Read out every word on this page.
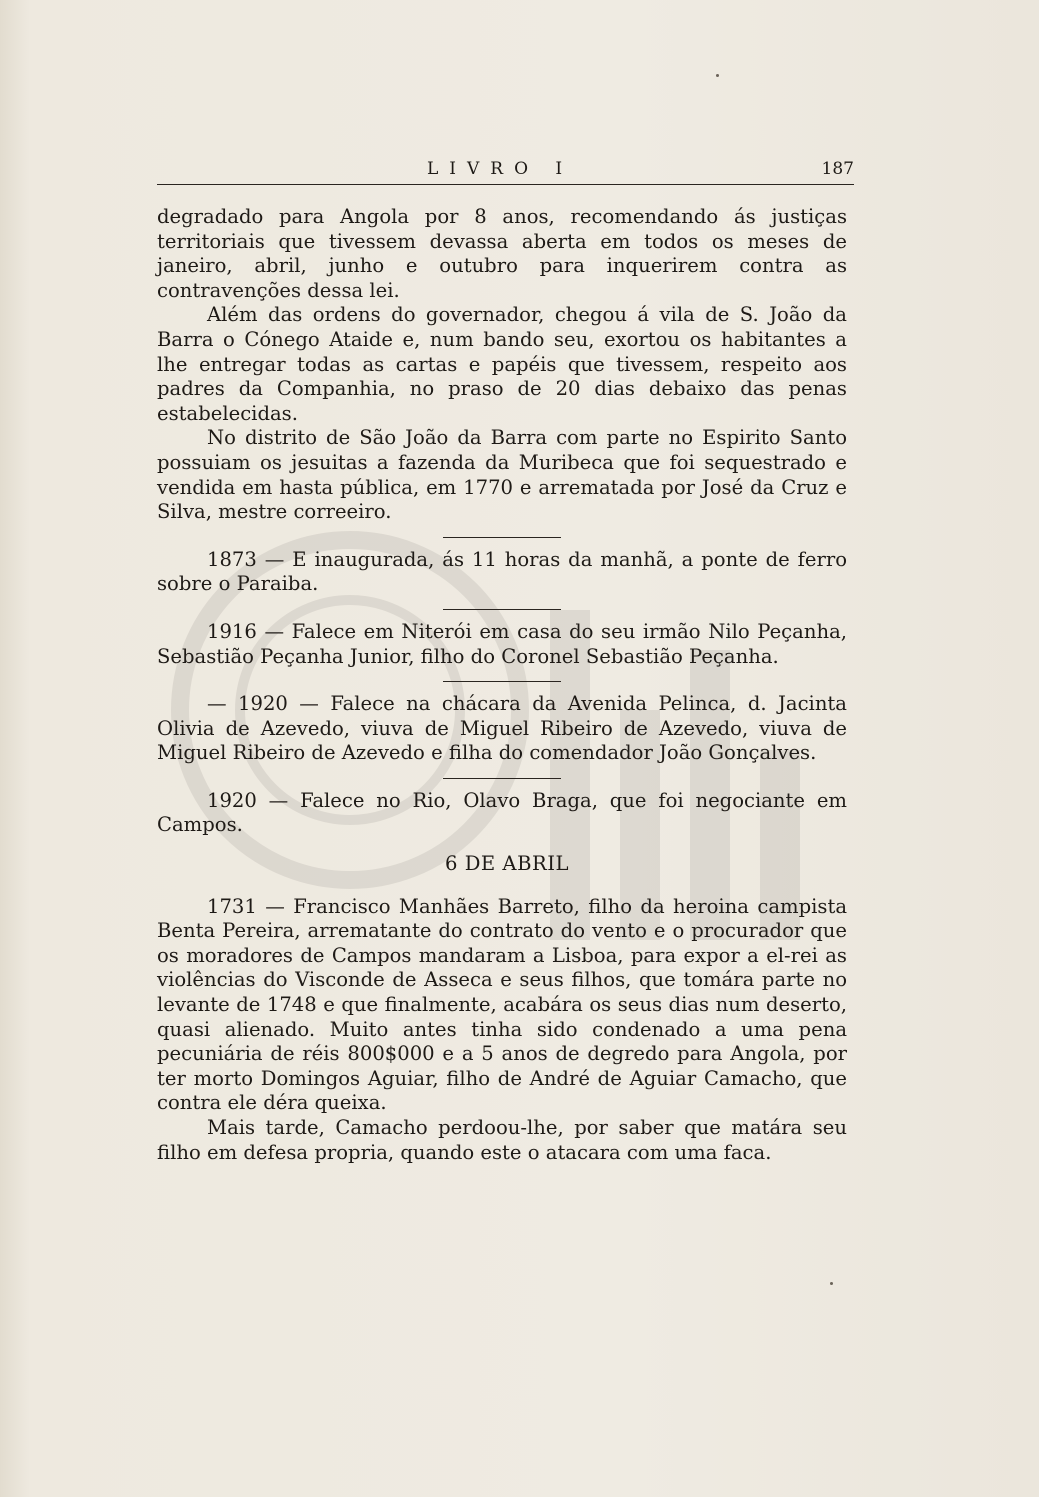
LIVRO I	187

degradado para Angola por 8 anos, recomendando ás justiças territoriais que tivessem devassa aberta em todos os meses de janeiro, abril, junho e outubro para inquerirem contra as contravenções dessa lei.

Além das ordens do governador, chegou á vila de S. João da Barra o Cónego Ataide e, num bando seu, exortou os habitantes a lhe entregar todas as cartas e papéis que tivessem, respeito aos padres da Companhia, no praso de 20 dias debaixo das penas estabelecidas.

No distrito de São João da Barra com parte no Espirito Santo possuiam os jesuitas a fazenda da Muribeca que foi sequestrado e vendida em hasta pública, em 1770 e arrematada por José da Cruz e Silva, mestre correeiro.

1873 — E inaugurada, ás 11 horas da manhã, a ponte de ferro sobre o Paraiba.

1916 — Falece em Niterói em casa do seu irmão Nilo Peçanha, Sebastião Peçanha Junior, filho do Coronel Sebastião Peçanha.

— 1920 — Falece na chácara da Avenida Pelinca, d. Jacinta Olivia de Azevedo, viuva de Miguel Ribeiro de Azevedo, viuva de Miguel Ribeiro de Azevedo e filha do comendador João Gonçalves.

1920 — Falece no Rio, Olavo Braga, que foi negociante em Campos.

6 DE ABRIL

1731 — Francisco Manhães Barreto, filho da heroina campista Benta Pereira, arrematante do contrato do vento e o procurador que os moradores de Campos mandaram a Lisboa, para expor a el-rei as violências do Visconde de Asseca e seus filhos, que tomára parte no levante de 1748 e que finalmente, acabára os seus dias num deserto, quasi alienado. Muito antes tinha sido condenado a uma pena pecuniária de réis 800$000 e a 5 anos de degredo para Angola, por ter morto Domingos Aguiar, filho de André de Aguiar Camacho, que contra ele déra queixa.

Mais tarde, Camacho perdoou-lhe, por saber que matára seu filho em defesa propria, quando este o atacara com uma faca.
